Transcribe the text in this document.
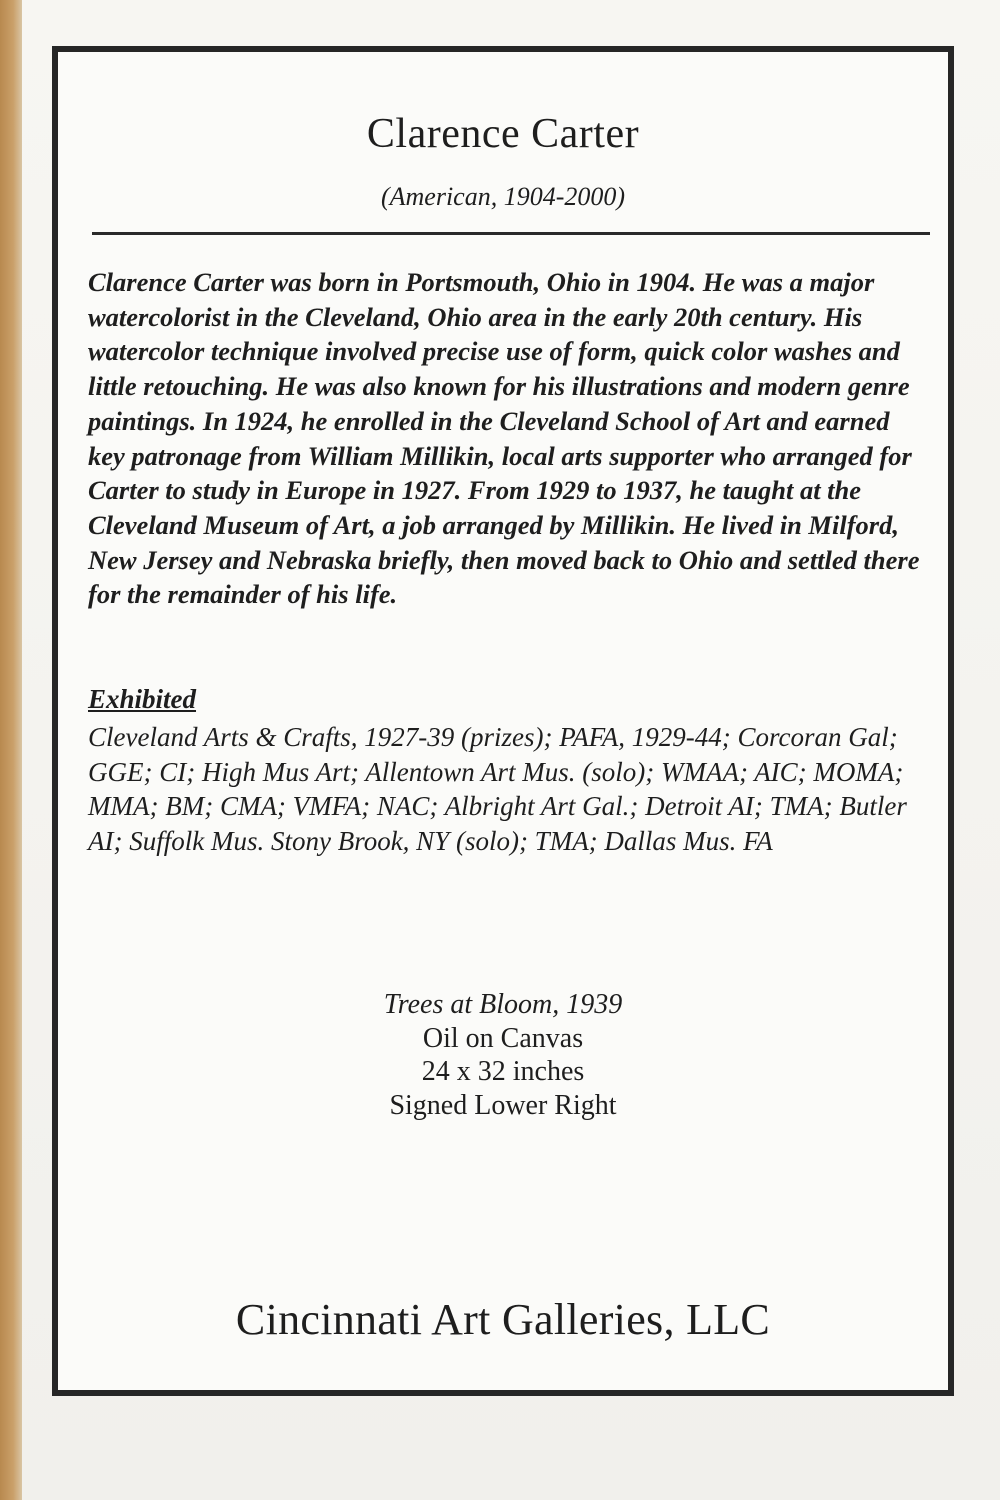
Clarence Carter
(American, 1904-2000)

Clarence Carter was born in Portsmouth, Ohio in 1904. He was a major watercolorist in the Cleveland, Ohio area in the early 20th century. His watercolor technique involved precise use of form, quick color washes and little retouching. He was also known for his illustrations and modern genre paintings. In 1924, he enrolled in the Cleveland School of Art and earned key patronage from William Millikin, local arts supporter who arranged for Carter to study in Europe in 1927. From 1929 to 1937, he taught at the Cleveland Museum of Art, a job arranged by Millikin. He lived in Milford, New Jersey and Nebraska briefly, then moved back to Ohio and settled there for the remainder of his life.

Exhibited

Cleveland Arts & Crafts, 1927-39 (prizes); PAFA, 1929-44; Corcoran Gal; GGE; CI; High Mus Art; Allentown Art Mus. (solo); WMAA; AIC; MOMA; MMA; BM; CMA; VMFA; NAC; Albright Art Gal.; Detroit AI; TMA; Butler AI; Suffolk Mus. Stony Brook, NY (solo); TMA; Dallas Mus. FA

Trees at Bloom, 1939
Oil on Canvas
24 x 32 inches
Signed Lower Right
Cincinnati Art Galleries, LLC
